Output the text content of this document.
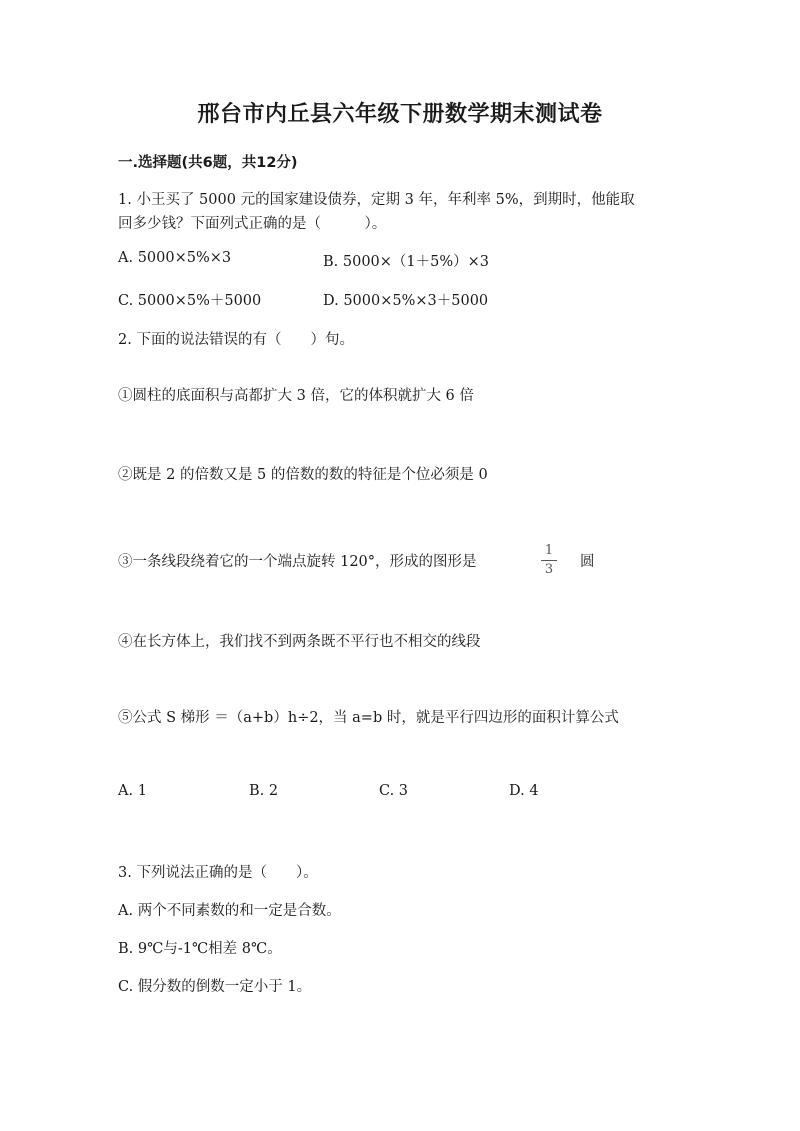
邢台市内丘县六年级下册数学期末测试卷
一.选择题(共6题，共12分)
1. 小王买了 5000 元的国家建设债券，定期 3 年，年利率 5%，到期时，他能取
回多少钱？下面列式正确的是（　　　）。
A. 5000×5%×3	B. 5000×（1＋5%）×3
C. 5000×5%＋5000	D. 5000×5%×3＋5000
2. 下面的说法错误的有（　　）句。
①圆柱的底面积与高都扩大 3 倍，它的体积就扩大 6 倍
②既是 2 的倍数又是 5 的倍数的数的特征是个位必须是 0
③一条线段绕着它的一个端点旋转 120°，形成的图形是
1
3 圆
④在长方体上，我们找不到两条既不平行也不相交的线段
⑤公式 S 梯形 ＝（a+b）h÷2，当 a=b 时，就是平行四边形的面积计算公式
A. 1	B. 2	C. 3	D. 4
3. 下列说法正确的是（　　）。
A. 两个不同素数的和一定是合数。
B. 9℃与-1℃相差 8℃。
C. 假分数的倒数一定小于 1。
